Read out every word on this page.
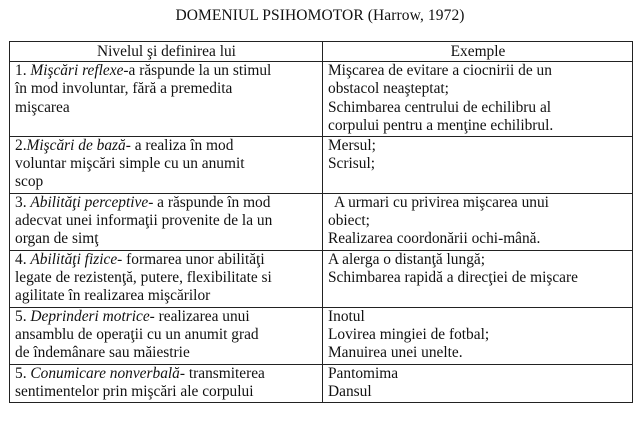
DOMENIUL PSIHOMOTOR (Harrow, 1972)
Nivelul şi definirea lui	Exemple

1. Mişcări reflexe-a răspunde la un stimul
în mod involuntar, fără a premedita
mişcarea	Mişcarea de evitare a ciocnirii de un
obstacol neaşteptat;
Schimbarea centrului de echilibru al
corpului pentru a menţine echilibrul.

2.Mişcări de bază- a realiza în mod
voluntar mişcări simple cu un anumit
scop	Mersul;
Scrisul;

3. Abilităţi perceptive- a răspunde în mod
adecvat unei informaţii provenite de la un
organ de simţ	A urmari cu privirea mişcarea unui
obiect;
Realizarea coordonării ochi-mână.

4. Abilităţi fizice- formarea unor abilităţi
legate de rezistenţă, putere, flexibilitate si
agilitate în realizarea mişcărilor	A alerga o distanţă lungă;
Schimbarea rapidă a direcţiei de mişcare

5. Deprinderi motrice- realizarea unui
ansamblu de operaţii cu un anumit grad
de îndemânare sau măiestrie	Inotul
Lovirea mingiei de fotbal;
Manuirea unei unelte.

5. Conumicare nonverbală- transmiterea
sentimentelor prin mişcări ale corpului	Pantomima
Dansul
